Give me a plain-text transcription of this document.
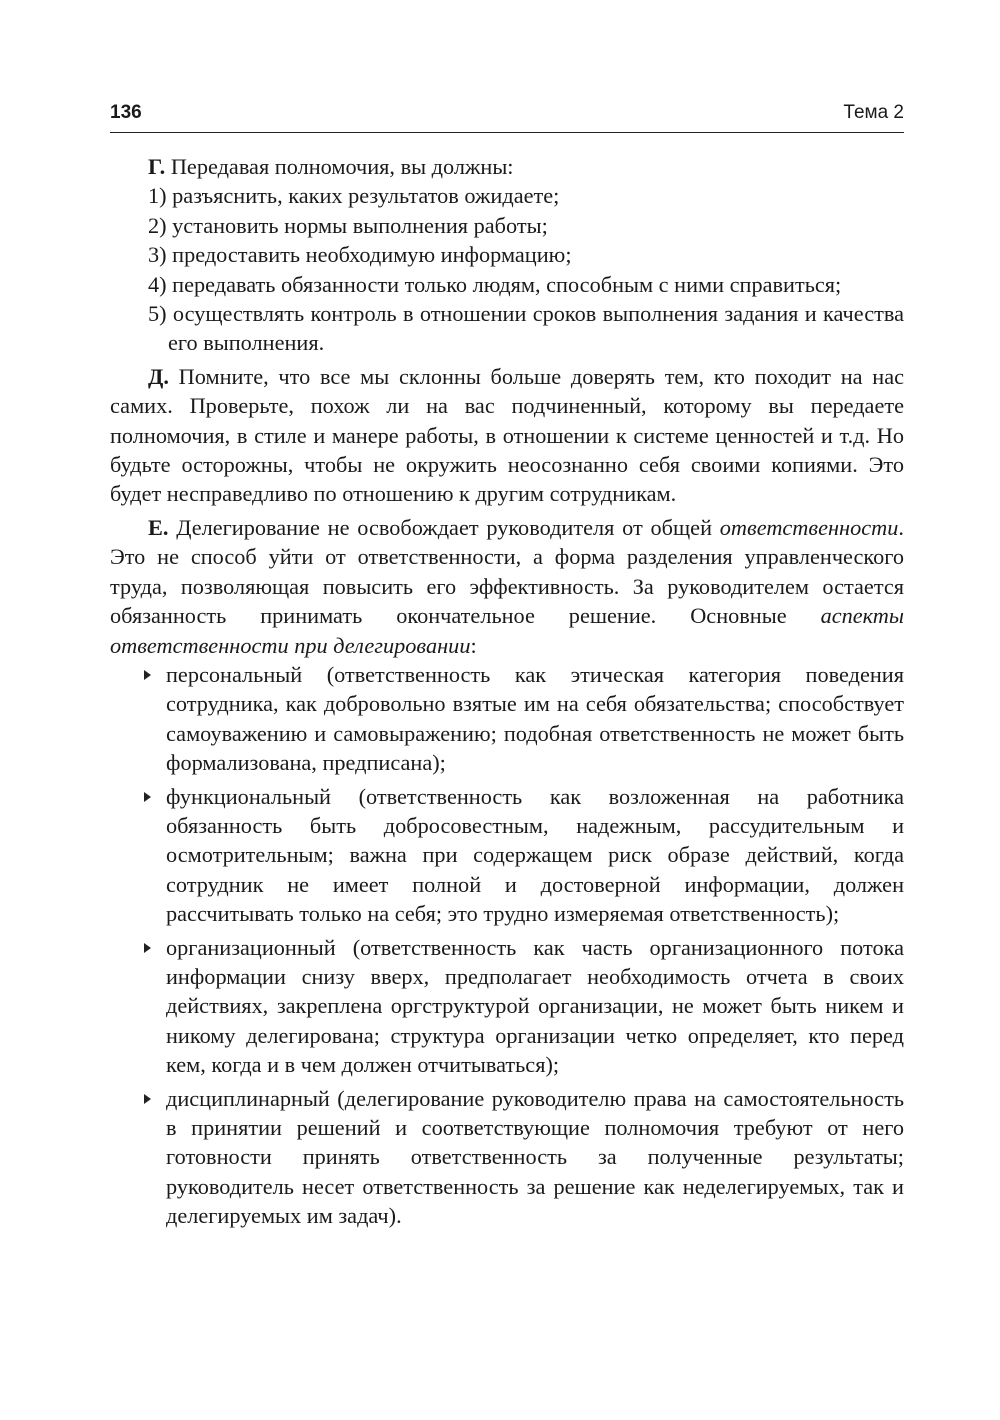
136	Тема 2

Г. Передавая полномочия, вы должны:

1) разъяснить, каких результатов ожидаете;
2) установить нормы выполнения работы;
3) предоставить необходимую информацию;
4) передавать обязанности только людям, способным с ними справиться;
5) осуществлять контроль в отношении сроков выполнения задания и качества его выполнения.

Д. Помните, что все мы склонны больше доверять тем, кто походит на нас самих. Проверьте, похож ли на вас подчиненный, которому вы передаете полномочия, в стиле и манере работы, в отношении к системе ценностей и т.д. Но будьте осторожны, чтобы не окружить неосознанно себя своими копиями. Это будет несправедливо по отношению к другим сотрудникам.

Е. Делегирование не освобождает руководителя от общей ответственности. Это не способ уйти от ответственности, а форма разделения управленческого труда, позволяющая повысить его эффективность. За руководителем остается обязанность принимать окончательное решение. Основные аспекты ответственности при делегировании:

персональный (ответственность как этическая категория поведения сотрудника, как добровольно взятые им на себя обязательства; способствует самоуважению и самовыражению; подобная ответственность не может быть формализована, предписана);
функциональный (ответственность как возложенная на работника обязанность быть добросовестным, надежным, рассудительным и осмотрительным; важна при содержащем риск образе действий, когда сотрудник не имеет полной и достоверной информации, должен рассчитывать только на себя; это трудно измеряемая ответственность);
организационный (ответственность как часть организационного потока информации снизу вверх, предполагает необходимость отчета в своих действиях, закреплена оргструктурой организации, не может быть никем и никому делегирована; структура организации четко определяет, кто перед кем, когда и в чем должен отчитываться);
дисциплинарный (делегирование руководителю права на самостоятельность в принятии решений и соответствующие полномочия требуют от него готовности принять ответственность за полученные результаты; руководитель несет ответственность за решение как неделегируемых, так и делегируемых им задач).
